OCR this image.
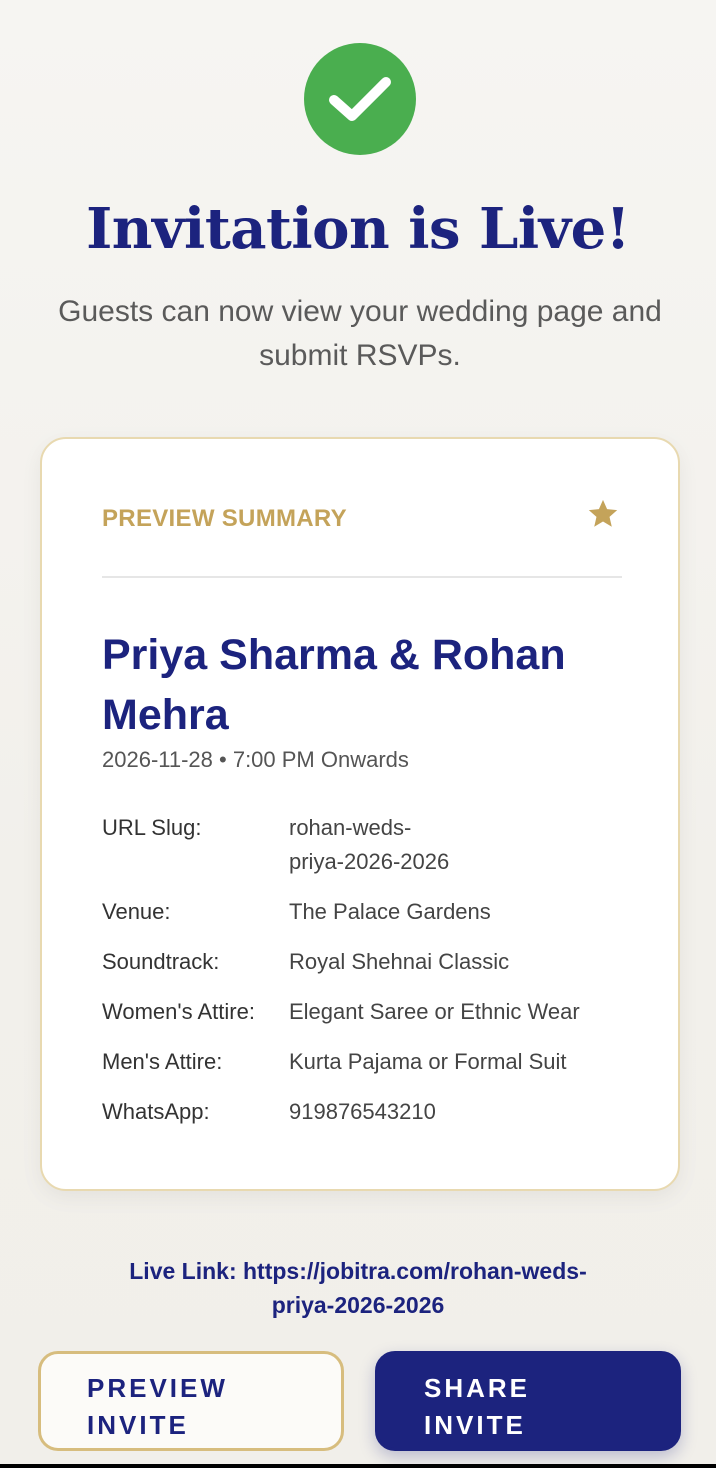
Invitation is Live!

Guests can now view your wedding page and submit RSVPs.

PREVIEW SUMMARY
Priya Sharma & Rohan Mehra
2026-11-28 • 7:00 PM Onwards
URL Slug:	rohan-weds-
priya-2026-2026
Venue:	The Palace Gardens
Soundtrack:	Royal Shehnai Classic
Women's Attire:	Elegant Saree or Ethnic Wear
Men's Attire:	Kurta Pajama or Formal Suit
WhatsApp:	919876543210
Live Link: https://jobitra.com/rohan-weds-priya-2026-2026
PREVIEW
INVITE
SHARE
INVITE
